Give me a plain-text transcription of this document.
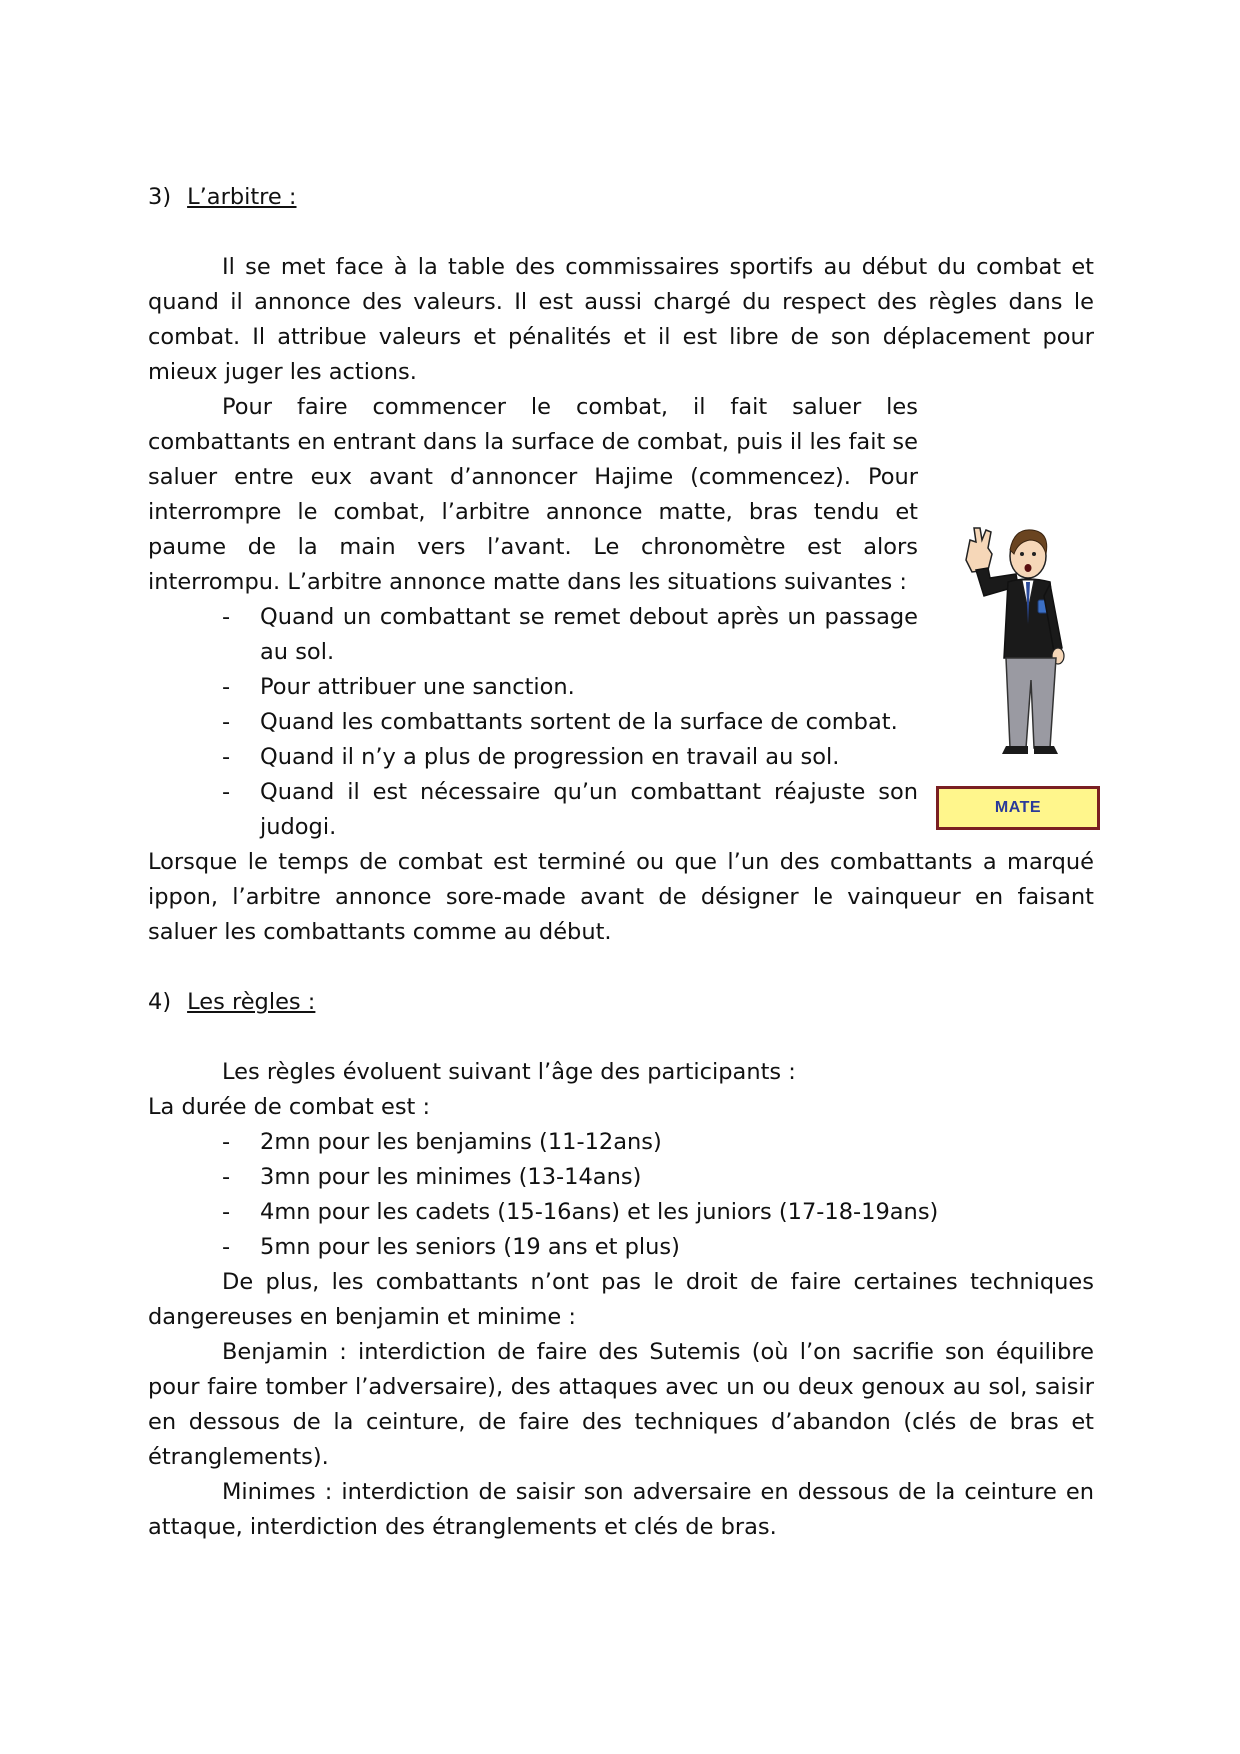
3) L’arbitre :

Il se met face à la table des commissaires sportifs au début du combat et quand il annonce des valeurs. Il est aussi chargé du respect des règles dans le combat. Il attribue valeurs et pénalités et il est libre de son déplacement pour mieux juger les actions.

Pour faire commencer le combat, il fait saluer les combattants en entrant dans la surface de combat, puis il les fait se saluer entre eux avant d’annoncer Hajime (commencez). Pour interrompre le combat, l’arbitre annonce matte, bras tendu et paume de la main vers l’avant. Le chronomètre est alors interrompu. L’arbitre annonce matte dans les situations suivantes :

- Quand un combattant se remet debout après un passage au sol.
- Pour attribuer une sanction.
- Quand les combattants sortent de la surface de combat.
- Quand il n’y a plus de progression en travail au sol.
- Quand il est nécessaire qu’un combattant réajuste son judogi.

Lorsque le temps de combat est terminé ou que l’un des combattants a marqué ippon, l’arbitre annonce sore-made avant de désigner le vainqueur en faisant saluer les combattants comme au début.

4) Les règles :

Les règles évoluent suivant l’âge des participants :

La durée de combat est :

- 2mn pour les benjamins (11-12ans)
- 3mn pour les minimes (13-14ans)
- 4mn pour les cadets (15-16ans) et les juniors (17-18-19ans)
- 5mn pour les seniors (19 ans et plus)

De plus, les combattants n’ont pas le droit de faire certaines techniques dangereuses en benjamin et minime :

Benjamin : interdiction de faire des Sutemis (où l’on sacrifie son équilibre pour faire tomber l’adversaire), des attaques avec un ou deux genoux au sol, saisir en dessous de la ceinture, de faire des techniques d’abandon (clés de bras et étranglements).

Minimes : interdiction de saisir son adversaire en dessous de la ceinture en attaque, interdiction des étranglements et clés de bras.

MATE
